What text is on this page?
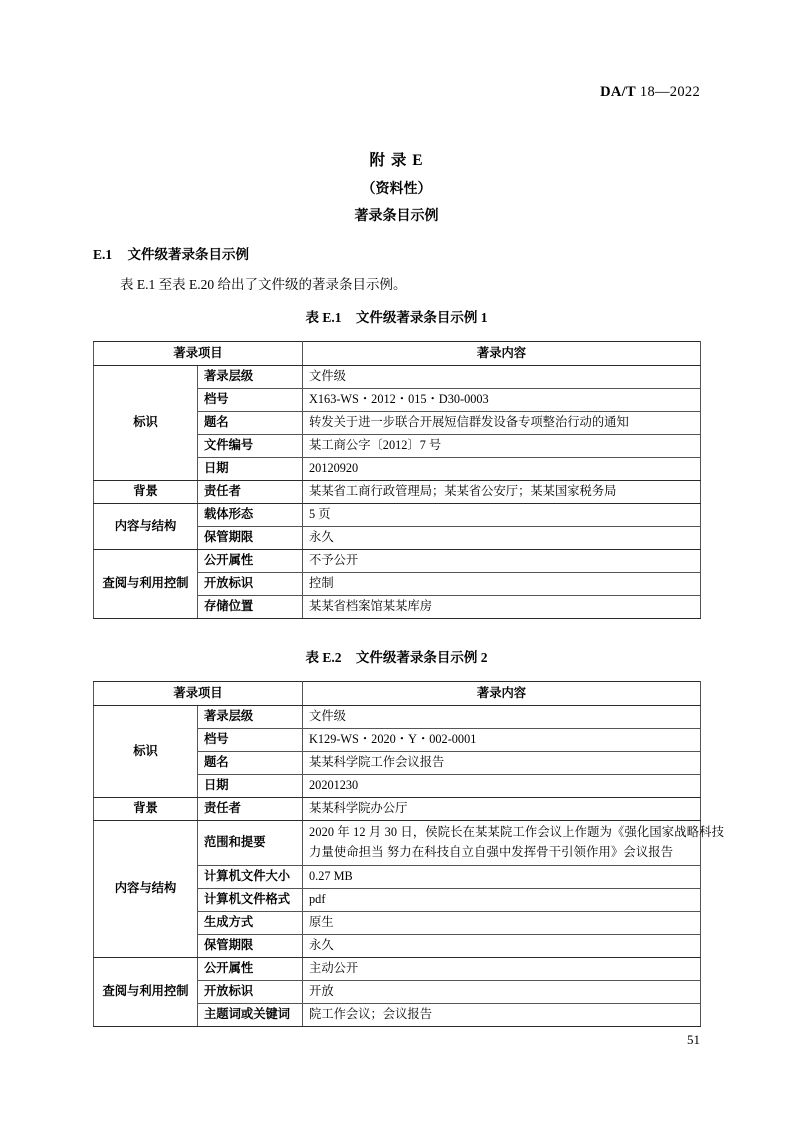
DA/T 18—2022

附 录 E

（资料性）

著录条目示例

E.1 文件级著录条目示例
表 E.1 至表 E.20 给出了文件级的著录条目示例。
表 E.1 文件级著录条目示例 1
著录项目		著录内容
标识	著录层级	文件级
	档号	X163-WS・2012・015・D30-0003
	题名	转发关于进一步联合开展短信群发设备专项整治行动的通知
	文件编号	某工商公字〔2012〕7 号
	日期	20120920
背景	责任者	某某省工商行政管理局；某某省公安厅；某某国家税务局
内容与结构	载体形态	5 页
	保管期限	永久
查阅与利用控制	公开属性	不予公开
	开放标识	控制
	存储位置	某某省档案馆某某库房
表 E.2 文件级著录条目示例 2
著录项目		著录内容
标识	著录层级	文件级
	档号	K129-WS・2020・Y・002-0001
	题名	某某科学院工作会议报告
	日期	20201230
背景	责任者	某某科学院办公厅
内容与结构	范围和提要	2020 年 12 月 30 日，侯院长在某某院工作会议上作题为《强化国家战略科技
力量使命担当 努力在科技自立自强中发挥骨干引领作用》会议报告

	计算机文件大小	0.27 MB
	计算机文件格式	pdf
	生成方式	原生
	保管期限	永久
查阅与利用控制	公开属性	主动公开
	开放标识	开放
	主题词或关键词	院工作会议；会议报告
51
